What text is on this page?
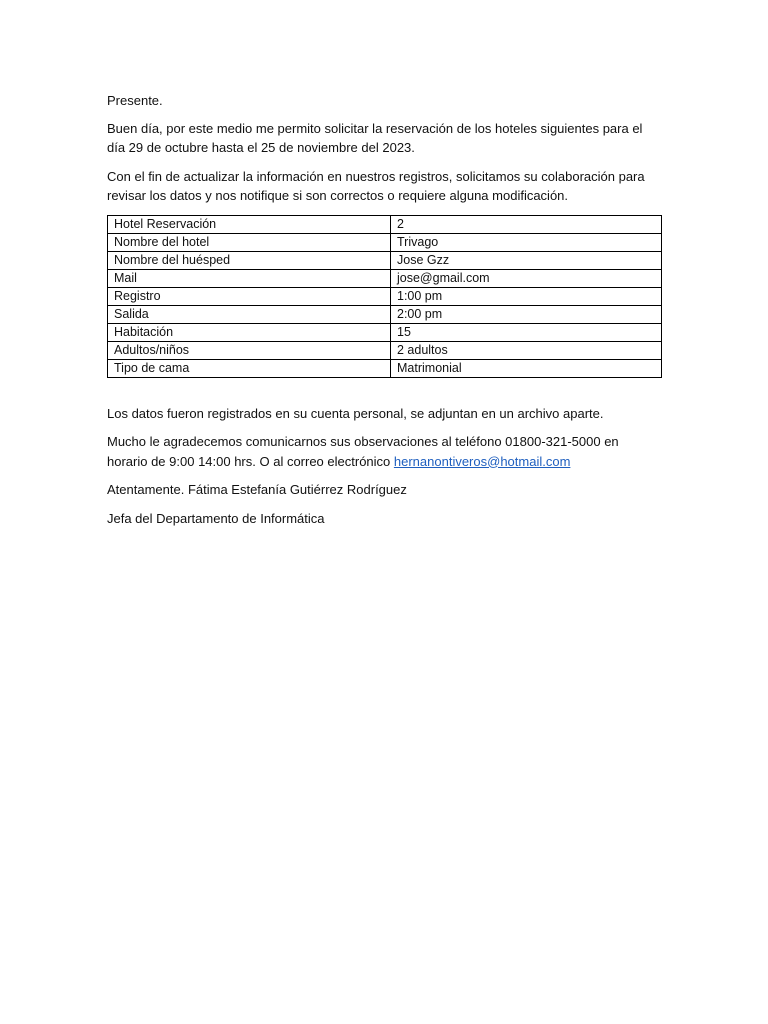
Presente.

Buen día, por este medio me permito solicitar la reservación de los hoteles siguientes para el día 29 de octubre hasta el 25 de noviembre del 2023.

Con el fin de actualizar la información en nuestros registros, solicitamos su colaboración para revisar los datos y nos notifique si son correctos o requiere alguna modificación.

Hotel Reservación	2
Nombre del hotel	Trivago
Nombre del huésped	Jose Gzz
Mail	jose@gmail.com
Registro	1:00 pm
Salida	2:00 pm
Habitación	15
Adultos/niños	2 adultos
Tipo de cama	Matrimonial

Los datos fueron registrados en su cuenta personal, se adjuntan en un archivo aparte.

Mucho le agradecemos comunicarnos sus observaciones al teléfono 01800-321-5000 en horario de 9:00 14:00 hrs. O al correo electrónico hernanontiveros@hotmail.com

Atentamente. Fátima Estefanía Gutiérrez Rodríguez

Jefa del Departamento de Informática
